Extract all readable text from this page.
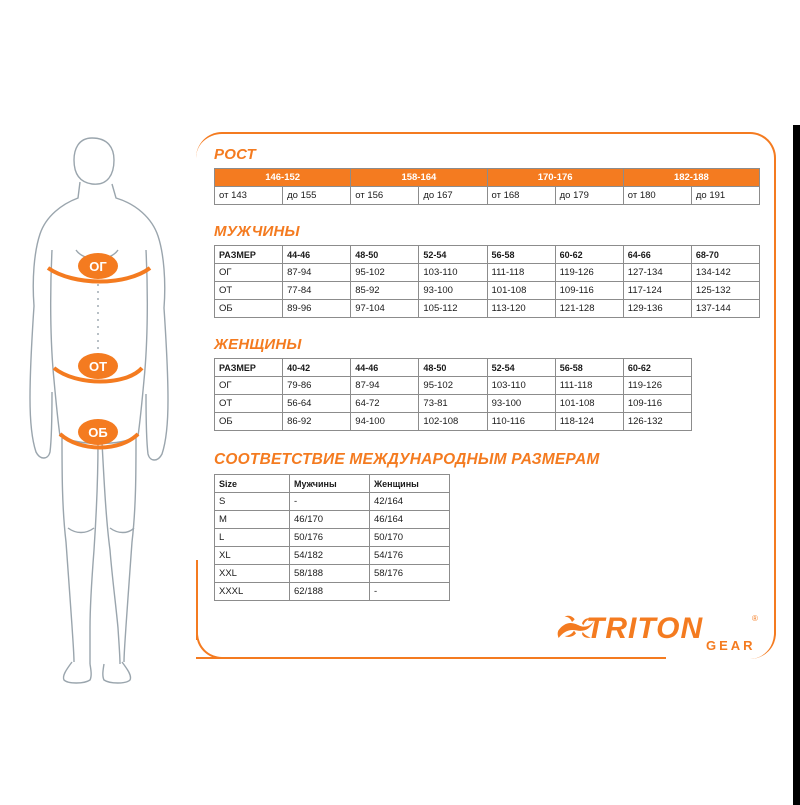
ОГ
ОТ
ОБ
РОСТ
146-152		158-164		170-176		182-188	
от 143	до 155	от 156	до 167	от 168	до 179	от 180	до 191
МУЖЧИНЫ
РАЗМЕР	44-46	48-50	52-54	56-58	60-62	64-66	68-70
ОГ	87-94	95-102	103-110	111-118	119-126	127-134	134-142
ОТ	77-84	85-92	93-100	101-108	109-116	117-124	125-132
ОБ	89-96	97-104	105-112	113-120	121-128	129-136	137-144
ЖЕНЩИНЫ
РАЗМЕР	40-42	44-46	48-50	52-54	56-58	60-62
ОГ	79-86	87-94	95-102	103-110	111-118	119-126
ОТ	56-64	64-72	73-81	93-100	101-108	109-116
ОБ	86-92	94-100	102-108	110-116	118-124	126-132
СООТВЕТСТВИЕ МЕЖДУНАРОДНЫМ РАЗМЕРАМ
Size	Мужчины	Женщины
S	-	42/164
M	46/170	46/164
L	50/176	50/170
XL	54/182	54/176
XXL	58/188	58/176
XXXL	62/188	-
TRITON	®
GEAR
